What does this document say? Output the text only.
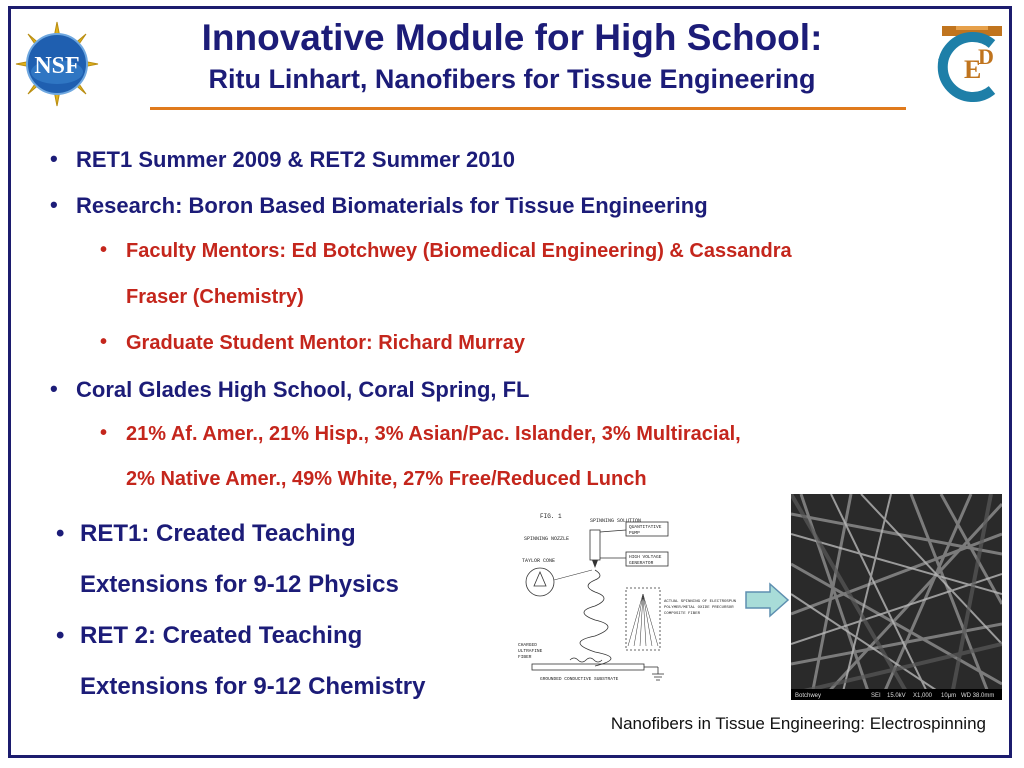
NSF	C E
D
Innovative Module for High School:
Ritu Linhart, Nanofibers for Tissue Engineering
• RET1 Summer 2009 & RET2 Summer 2010
• Research: Boron Based Biomaterials for Tissue Engineering
• Faculty Mentors: Ed Botchwey (Biomedical Engineering) & Cassandra
Fraser (Chemistry)
• Graduate Student Mentor: Richard Murray
• Coral Glades High School, Coral Spring, FL
• 21% Af. Amer., 21% Hisp., 3% Asian/Pac. Islander, 3% Multiracial,
2% Native Amer., 49% White, 27% Free/Reduced Lunch
• RET1: Created Teaching
Extensions for 9-12 Physics
• RET 2: Created Teaching
Extensions for 9-12 Chemistry
FIG. 1
SPINNING SOLUTION
QUANTITATIVE
PUMP
SPINNING NOZZLE
HIGH VOLTAGE
GENERATOR
TAYLOR CONE
ACTUAL SPINNING OF ELECTROSPUN
POLYMER/METAL OXIDE PRECURSOR
COMPOSITE FIBER
CHARGED
ULTRAFINE
FIBER
GROUNDED CONDUCTIVE SUBSTRATE
Botchwey	SEI 15.0kV X1,000 10μm WD 38.0mm
Nanofibers in Tissue Engineering: Electrospinning
